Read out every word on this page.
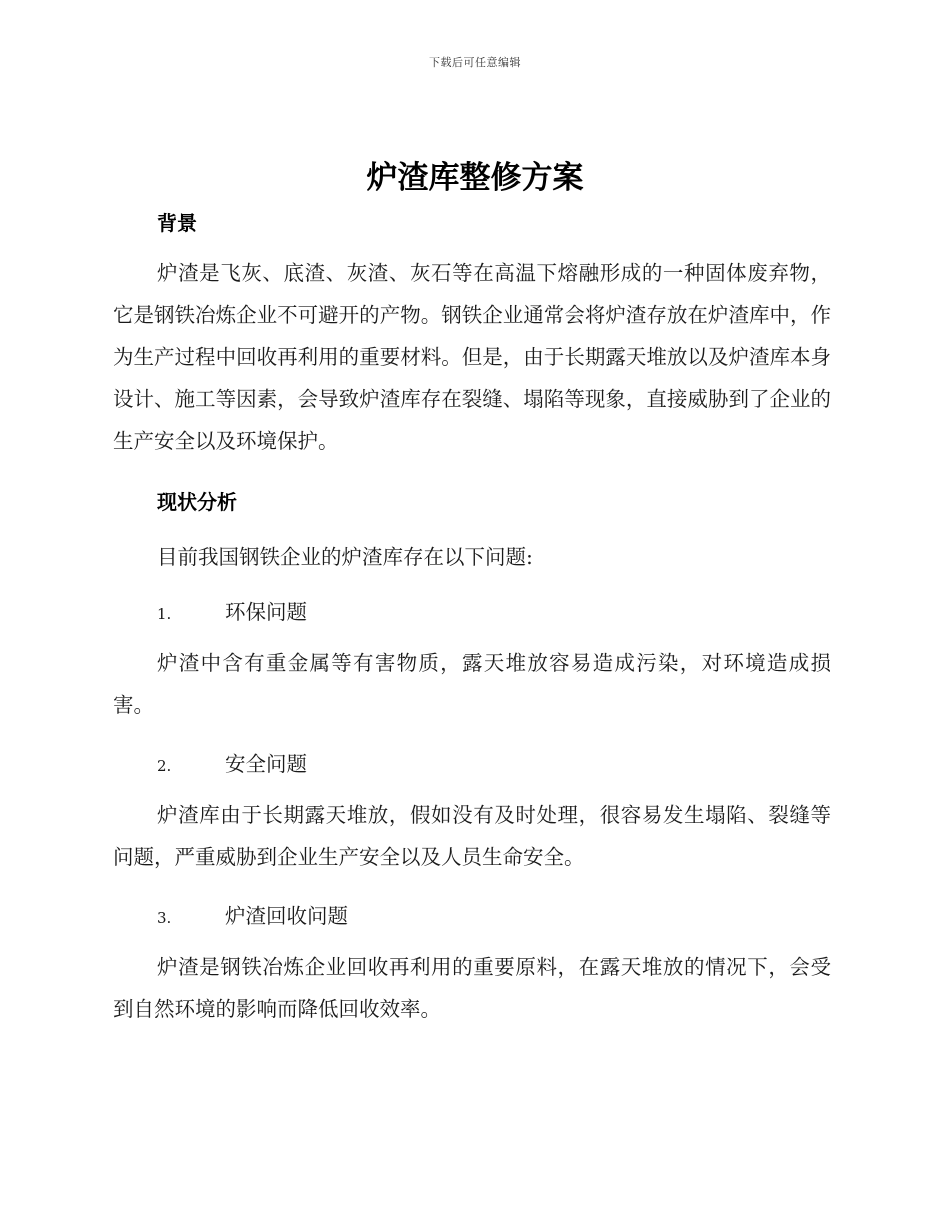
下载后可任意编辑
炉渣库整修方案
背景

炉渣是飞灰、底渣、灰渣、灰石等在高温下熔融形成的一种固体废弃物，它是钢铁冶炼企业不可避开的产物。钢铁企业通常会将炉渣存放在炉渣库中，作为生产过程中回收再利用的重要材料。但是，由于长期露天堆放以及炉渣库本身设计、施工等因素，会导致炉渣库存在裂缝、塌陷等现象，直接威胁到了企业的生产安全以及环境保护。

现状分析

目前我国钢铁企业的炉渣库存在以下问题:

1.	环保问题

炉渣中含有重金属等有害物质，露天堆放容易造成污染，对环境造成损害。

2.	安全问题

炉渣库由于长期露天堆放，假如没有及时处理，很容易发生塌陷、裂缝等问题，严重威胁到企业生产安全以及人员生命安全。

3.	炉渣回收问题

炉渣是钢铁冶炼企业回收再利用的重要原料，在露天堆放的情况下，会受到自然环境的影响而降低回收效率。
